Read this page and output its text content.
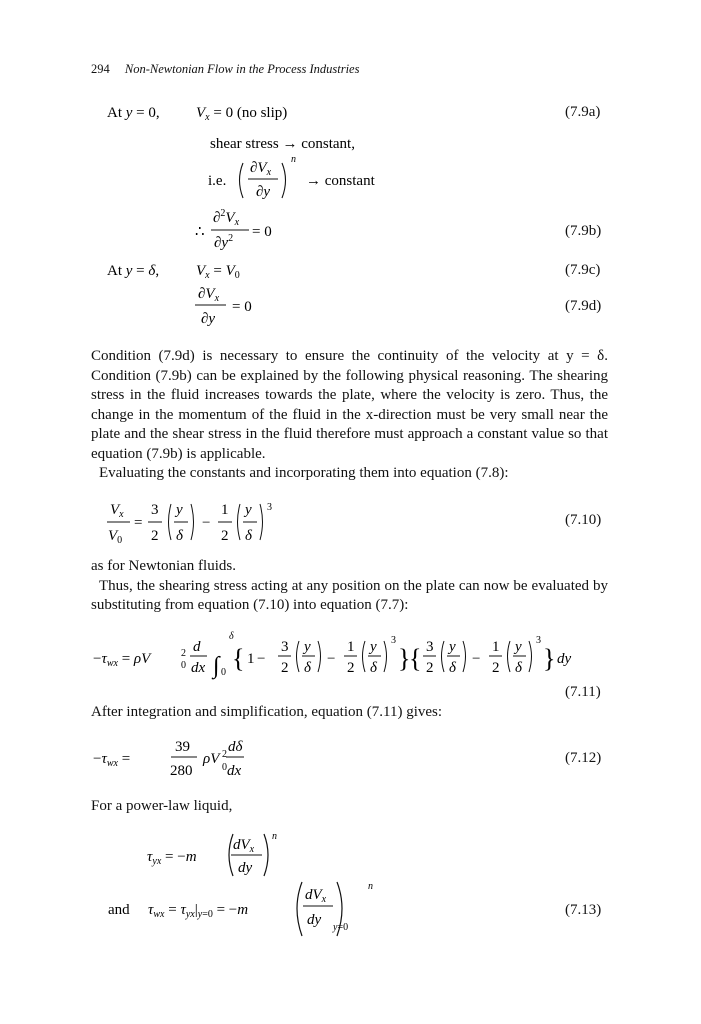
294 Non-Newtonian Flow in the Process Industries
(7.9a)
(7.9b)
(7.9c)
(7.9d)
(7.10)
(7.11)
(7.12)
(7.13)
At y = 0, $V_x = 0$ (no slip)
shear stress → constant,
i.e.
$\partial V_x$
∂y
n
→ constant
∴
$\partial^2V_x$
$\partial y^2 = 0$
At y = δ, $V_x = V_0$
$\partial V_x$
∂y
= 0
$V_x$
$V_0$
=
3
2
y
δ
−
1
2
y
δ
3
$-\tau_{wx} = \rho V$	2
0
d
dx ∫
δ
0 { 1 −
3
2
y
δ
−
1
2
y
δ
3
}
{ 3
2
y
δ
−
1
2
y
δ
3
} dy
$-\tau_{wx}$ =
39
280
ρV 2
0
dδ
dx
$\tau_{yx} = -m$
$dV_x$
dy
n
and $\tau_{wx} = \tau_{yx}|_y=0 = -m$
$dV_x$
dy y=0
n

Condition (7.9d) is necessary to ensure the continuity of the velocity at y = δ. Condition (7.9b) can be explained by the following physical reasoning. The shearing stress in the fluid increases towards the plate, where the velocity is zero. Thus, the change in the momentum of the fluid in the x-direction must be very small near the plate and the shear stress in the fluid therefore must approach a constant value so that equation (7.9b) is applicable.

Evaluating the constants and incorporating them into equation (7.8):

as for Newtonian fluids.

Thus, the shearing stress acting at any position on the plate can now be evaluated by substituting from equation (7.10) into equation (7.7):

After integration and simplification, equation (7.11) gives:

For a power-law liquid,
